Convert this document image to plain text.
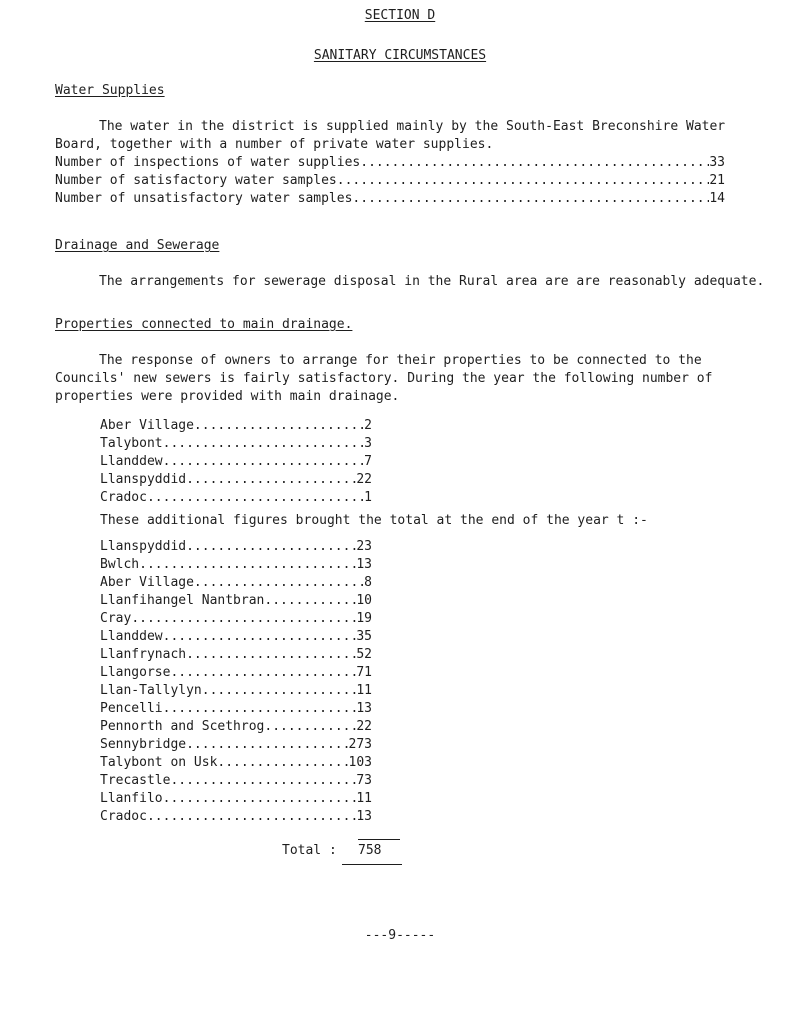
SECTION D
SANITARY CIRCUMSTANCES
Water Supplies
The water in the district is supplied mainly by the South-East Breconshire Water Board, together with a number of private water supplies.
Number of inspections of water supplies .....	33
Number of satisfactory water samples .....	21
Number of unsatisfactory water samples .....	14
Drainage and Sewerage
The arrangements for sewerage disposal in the Rural area are are reasonably adequate.
Properties connected to main drainage.
The response of owners to arrange for their properties to be connected to the Councils' new sewers is fairly satisfactory. During the year the following number of properties were provided with main drainage.
Aber Village .....	2
Talybont .....	3
Llanddew .....	7
Llanspyddid .....	22
Cradoc .....	1
These additional figures brought the total at the end of the year t :-
Llanspyddid .....	23
Bwlch .....	13
Aber Village .....	8
Llanfihangel Nantbran .....	10
Cray .....	19
Llanddew .....	35
Llanfrynach .....	52
Llangorse .....	71
Llan-Tallylyn .....	11
Pencelli .....	13
Pennorth and Scethrog .....	22
Sennybridge .....	273
Talybont on Usk .....	103
Trecastle .....	73
Llanfilo .....	11
Cradoc .....	13
Total : 758
---9-----
